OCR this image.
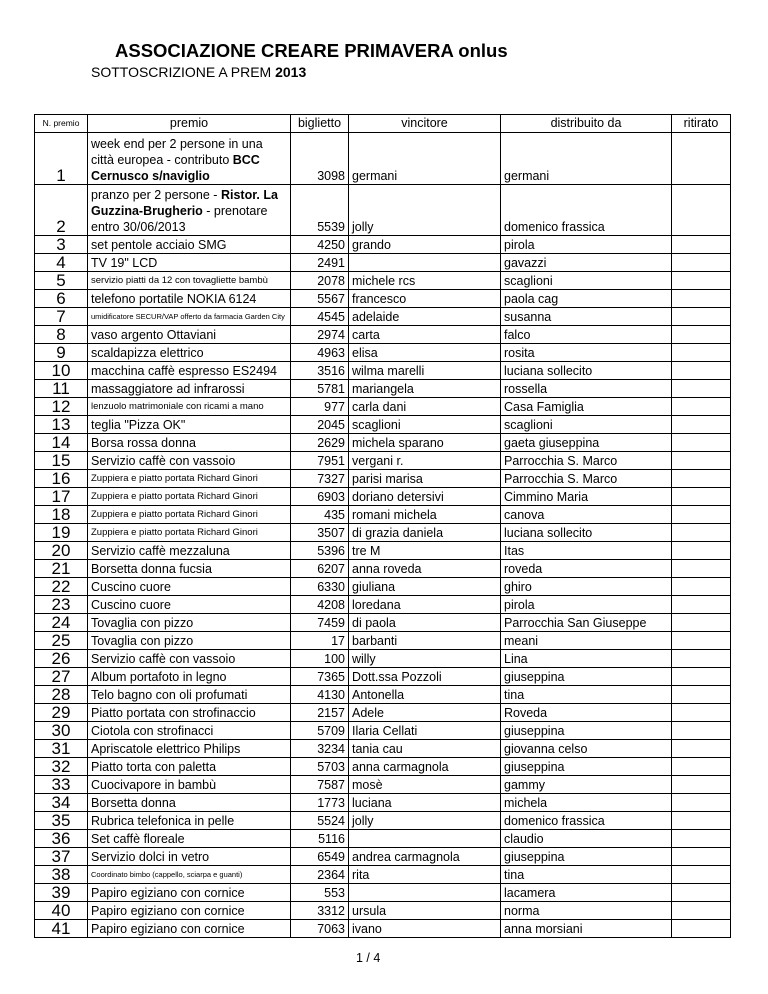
ASSOCIAZIONE CREARE PRIMAVERA onlus
SOTTOSCRIZIONE A PREM 2013
N. premio	premio	biglietto	vincitore	distribuito da	ritirato
1	week end per 2 persone in una città europea - contributo BCC Cernusco s/naviglio	3098	germani	germani	
2	pranzo per 2 persone - Ristor. La Guzzina-Brugherio - prenotare entro 30/06/2013	5539	jolly	domenico frassica	
3	set pentole acciaio SMG	4250	grando	pirola	
4	TV 19" LCD	2491		gavazzi	
5	servizio piatti da 12 con tovagliette bambù	2078	michele rcs	scaglioni	
6	telefono portatile NOKIA 6124	5567	francesco	paola cag	
7	umidificatore SECUR/VAP offerto da farmacia Garden City	4545	adelaide	susanna	
8	vaso argento Ottaviani	2974	carta	falco	
9	scaldapizza elettrico	4963	elisa	rosita	
10	macchina caffè espresso ES2494	3516	wilma marelli	luciana sollecito	
11	massaggiatore ad infrarossi	5781	mariangela	rossella	
12	lenzuolo matrimoniale con ricami a mano	977	carla dani	Casa Famiglia	
13	teglia "Pizza OK"	2045	scaglioni	scaglioni	
14	Borsa rossa donna	2629	michela sparano	gaeta giuseppina	
15	Servizio caffè con vassoio	7951	vergani r.	Parrocchia S. Marco	
16	Zuppiera e piatto portata Richard Ginori	7327	parisi marisa	Parrocchia S. Marco	
17	Zuppiera e piatto portata Richard Ginori	6903	doriano detersivi	Cimmino Maria	
18	Zuppiera e piatto portata Richard Ginori	435	romani michela	canova	
19	Zuppiera e piatto portata Richard Ginori	3507	di grazia daniela	luciana sollecito	
20	Servizio caffè mezzaluna	5396	tre M	Itas	
21	Borsetta donna fucsia	6207	anna roveda	roveda	
22	Cuscino cuore	6330	giuliana	ghiro	
23	Cuscino cuore	4208	loredana	pirola	
24	Tovaglia con pizzo	7459	di paola	Parrocchia San Giuseppe	
25	Tovaglia con pizzo	17	barbanti	meani	
26	Servizio caffè con vassoio	100	willy	Lina	
27	Album portafoto in legno	7365	Dott.ssa Pozzoli	giuseppina	
28	Telo bagno con oli profumati	4130	Antonella	tina	
29	Piatto portata con strofinaccio	2157	Adele	Roveda	
30	Ciotola con strofinacci	5709	Ilaria Cellati	giuseppina	
31	Apriscatole elettrico Philips	3234	tania cau	giovanna celso	
32	Piatto torta con paletta	5703	anna carmagnola	giuseppina	
33	Cuocivapore in bambù	7587	mosè	gammy	
34	Borsetta donna	1773	luciana	michela	
35	Rubrica telefonica in pelle	5524	jolly	domenico frassica	
36	Set caffè floreale	5116		claudio	
37	Servizio dolci in vetro	6549	andrea carmagnola	giuseppina	
38	Coordinato bimbo (cappello, sciarpa e guanti)	2364	rita	tina	
39	Papiro egiziano con cornice	553		lacamera	
40	Papiro egiziano con cornice	3312	ursula	norma	
41	Papiro egiziano con cornice	7063	ivano	anna morsiani	
1 / 4
